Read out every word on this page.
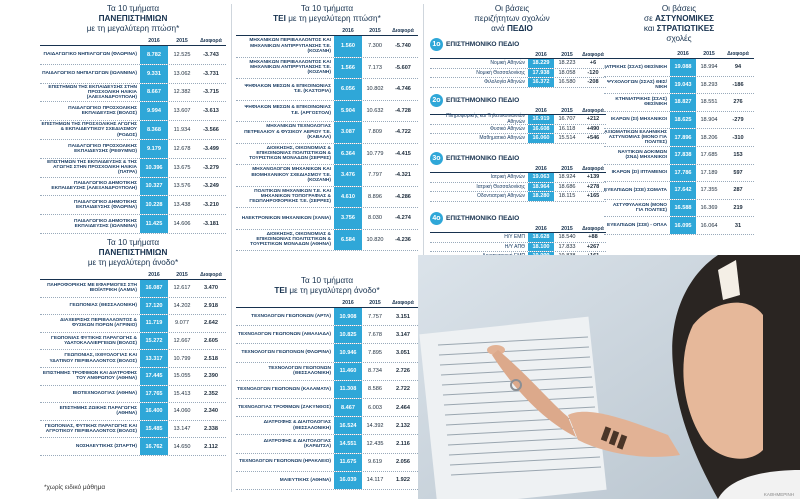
Τα 10 τμήματα
ΠΑΝΕΠΙΣΤΗΜΙΩΝ
με τη μεγαλύτερη πτώση*
2016	2015	Διαφορά
ΠΑΙΔΑΓΩΓΙΚΟ ΝΗΠΙΑΓΩΓΩΝ (ΦΛΩΡΙΝΑ)	8.782	12.525	-3.743
ΠΑΙΔΑΓΩΓΙΚΟ ΝΗΠΙΑΓΩΓΩΝ (ΙΩΑΝΝΙΝΑ)	9.331	13.062	-3.731
ΕΠΙΣΤΗΜΩΝ ΤΗΣ ΕΚΠΑΙΔΕΥΣΗΣ ΣΤΗΝ ΠΡΟΣΧΟΛΙΚΗ ΗΛΙΚΙΑ (ΑΛΕΞΑΝΔΡΟΥΠΟΛΗ)
8.667	12.382	-3.715
ΠΑΙΔΑΓΩΓΙΚΟ ΠΡΟΣΧΟΛΙΚΗΣ ΕΚΠΑΙΔΕΥΣΗΣ (ΒΟΛΟΣ)	9.994	13.607	-3.613
ΕΠΙΣΤΗΜΩΝ ΤΗΣ ΠΡΟΣΧΟΛΙΚΗΣ ΑΓΩΓΗΣ & ΕΚΠΑΙΔΕΥΤΙΚΟΥ ΣΧΕΔΙΑΣΜΟΥ (ΡΟΔΟΣ)
8.368	11.934	-3.566
ΠΑΙΔΑΓΩΓΙΚΟ ΠΡΟΣΧΟΛΙΚΗΣ ΕΚΠΑΙΔΕΥΣΗΣ (ΡΕΘΥΜΝΟ)	9.179	12.678	-3.499
ΕΠΙΣΤΗΜΩΝ ΤΗΣ ΕΚΠΑΙΔΕΥΣΗΣ & ΤΗΣ ΑΓΩΓΗΣ ΣΤΗΝ ΠΡΟΣΧΟΛΙΚΗ ΗΛΙΚΙΑ (ΠΑΤΡΑ)
10.396	13.675	-3.279
ΠΑΙΔΑΓΩΓΙΚΟ ΔΗΜΟΤΙΚΗΣ ΕΚΠΑΙΔΕΥΣΗΣ (ΑΛΕΞΑΝΔΡΟΥΠΟΛΗ)	10.327	13.576	-3.249
ΠΑΙΔΑΓΩΓΙΚΟ ΔΗΜΟΤΙΚΗΣ ΕΚΠΑΙΔΕΥΣΗΣ (ΦΛΩΡΙΝΑ)	10.228	13.438	-3.210
ΠΑΙΔΑΓΩΓΙΚΟ ΔΗΜΟΤΙΚΗΣ ΕΚΠΑΙΔΕΥΣΗΣ (ΙΩΑΝΝΙΝΑ)	11.425	14.606	-3.181
Τα 10 τμήματα
ΠΑΝΕΠΙΣΤΗΜΙΩΝ
με τη μεγαλύτερη άνοδο*
2016	2015	Διαφορά
ΠΛΗΡΟΦΟΡΙΚΗΣ ΜΕ ΕΦΑΡΜΟΓΕΣ ΣΤΗ ΒΙΟΪΑΤΡΙΚΗ (ΛΑΜΙΑ)	16.087	12.617	3.470
ΓΕΩΠΟΝΙΑΣ (ΘΕΣΣΑΛΟΝΙΚΗ)	17.120	14.202	2.918
ΔΙΑΧΕΙΡΙΣΗΣ ΠΕΡΙΒΑΛΛΟΝΤΟΣ & ΦΥΣΙΚΩΝ ΠΟΡΩΝ (ΑΓΡΙΝΙΟ)	11.719	9.077	2.642
ΓΕΩΠΟΝΙΑΣ ΦΥΤΙΚΗΣ ΠΑΡΑΓΩΓΗΣ & ΥΔΑΤΟΚΑΛΛΙΕΡΓΕΙΩΝ (ΒΟΛΟΣ)	15.272	12.667	2.605
ΓΕΩΠΟΝΙΑΣ, ΙΧΘΥΟΛΟΓΙΑΣ ΚΑΙ ΥΔΑΤΙΝΟΥ ΠΕΡΙΒΑΛΛΟΝΤΟΣ (ΒΟΛΟΣ)	13.317	10.799	2.518
ΕΠΙΣΤΗΜΗΣ ΤΡΟΦΙΜΩΝ ΚΑΙ ΔΙΑΤΡΟΦΗΣ ΤΟΥ ΑΝΘΡΩΠΟΥ (ΑΘΗΝΑ)	17.445	15.055	2.390
ΒΙΟΤΕΧΝΟΛΟΓΙΑΣ (ΑΘΗΝΑ)	17.765	15.413	2.352
ΕΠΙΣΤΗΜΗΣ ΖΩΙΚΗΣ ΠΑΡΑΓΩΓΗΣ (ΑΘΗΝΑ)	16.400	14.060	2.340
ΓΕΩΠΟΝΙΑΣ, ΦΥΤΙΚΗΣ ΠΑΡΑΓΩΓΗΣ ΚΑΙ ΑΓΡΟΤΙΚΟΥ ΠΕΡΙΒΑΛΛΟΝΤΟΣ (ΒΟΛΟΣ)	15.485	13.147	2.338
ΝΟΣΗΛΕΥΤΙΚΗΣ (ΣΠΑΡΤΗ)	16.762	14.650	2.112
*χωρίς ειδικό μάθημα
Τα 10 τμήματα
ΤΕΙ με τη μεγαλύτερη πτώση*
2016	2015	Διαφορά
ΜΗΧΑΝΙΚΩΝ ΠΕΡΙΒΑΛΛΟΝΤΟΣ ΚΑΙ ΜΗΧΑΝΙΚΩΝ ΑΝΤΙΡΡΥΠΑΝΣΗΣ Τ.Ε. (ΚΟΖΑΝΗ)
1.560	7.300	-5.740
ΜΗΧΑΝΙΚΩΝ ΠΕΡΙΒΑΛΛΟΝΤΟΣ ΚΑΙ ΜΗΧΑΝΙΚΩΝ ΑΝΤΙΡΡΥΠΑΝΣΗΣ Τ.Ε. (ΚΟΖΑΝΗ)
1.566	7.173	-5.607
ΨΗΦΙΑΚΩΝ ΜΕΣΩΝ & ΕΠΙΚΟΙΝΩΝΙΑΣ Τ.Ε. (ΚΑΣΤΟΡΙΑ)	6.056	10.802	-4.746
ΨΗΦΙΑΚΩΝ ΜΕΣΩΝ & ΕΠΙΚΟΙΝΩΝΙΑΣ Τ.Ε. (ΑΡΓΟΣΤΟΛΙ)	5.904	10.632	-4.728
ΜΗΧΑΝΙΚΩΝ ΤΕΧΝΟΛΟΓΙΑΣ ΠΕΤΡΕΛΑΙΟΥ & ΦΥΣΙΚΟΥ ΑΕΡΙΟΥ Τ.Ε. (ΚΑΒΑΛΑ)
3.087	7.809	-4.722
ΔΙΟΙΚΗΣΗΣ, ΟΙΚΟΝΟΜΙΑΣ & ΕΠΙΚΟΙΝΩΝΙΑΣ ΠΟΛΙΤΙΣΤΙΚΩΝ & ΤΟΥΡΙΣΤΙΚΩΝ ΜΟΝΑΔΩΝ (ΣΕΡΡΕΣ)
6.364	10.779	-4.415
ΜΗΧΑΝΟΛΟΓΩΝ ΜΗΧΑΝΙΚΩΝ ΚΑΙ ΒΙΟΜΗΧΑΝΙΚΟΥ ΣΧΕΔΙΑΣΜΟΥ Τ.Ε. (ΚΟΖΑΝΗ)
3.476	7.797	-4.321
ΠΟΛΙΤΙΚΩΝ ΜΗΧΑΝΙΚΩΝ Τ.Ε. ΚΑΙ ΜΗΧΑΝΙΚΩΝ ΤΟΠΟΓΡΑΦΙΑΣ & ΓΕΩΠΛΗΡΟΦΟΡΙΚΗΣ Τ.Ε. (ΣΕΡΡΕΣ)
4.610	8.896	-4.286
ΗΛΕΚΤΡΟΝΙΚΩΝ ΜΗΧΑΝΙΚΩΝ (ΧΑΝΙΑ)	3.756	8.030	-4.274
ΔΙΟΙΚΗΣΗΣ, ΟΙΚΟΝΟΜΙΑΣ & ΕΠΙΚΟΙΝΩΝΙΑΣ ΠΟΛΙΤΙΣΤΙΚΩΝ & ΤΟΥΡΙΣΤΙΚΩΝ ΜΟΝΑΔΩΝ (ΑΘΗΝΑ)
6.584	10.820	-4.236
Τα 10 τμήματα
ΤΕΙ με τη μεγαλύτερη άνοδο*
2016	2015	Διαφορά
ΤΕΧΝΟΛΟΓΩΝ ΓΕΩΠΟΝΩΝ (ΑΡΤΑ)	10.908	7.757	3.151
ΤΕΧΝΟΛΟΓΩΝ ΓΕΩΠΟΝΩΝ (ΑΜΑΛΙΑΔΑ)	10.825	7.678	3.147
ΤΕΧΝΟΛΟΓΩΝ ΓΕΩΠΟΝΩΝ (ΦΛΩΡΙΝΑ)	10.946	7.895	3.051
ΤΕΧΝΟΛΟΓΩΝ ΓΕΩΠΟΝΩΝ (ΘΕΣΣΑΛΟΝΙΚΗ)	11.460	8.734	2.726
ΤΕΧΝΟΛΟΓΩΝ ΓΕΩΠΟΝΩΝ (ΚΑΛΑΜΑΤΑ)	11.308	8.586	2.722
ΤΕΧΝΟΛΟΓΙΑΣ ΤΡΟΦΙΜΩΝ (ΖΑΚΥΝΘΟΣ)	8.467	6.003	2.464
ΔΙΑΤΡΟΦΗΣ & ΔΙΑΙΤΟΛΟΓΙΑΣ (ΘΕΣΣΑΛΟΝΙΚΗ)	16.524	14.392	2.132
ΔΙΑΤΡΟΦΗΣ & ΔΙΑΙΤΟΛΟΓΙΑΣ (ΚΑΡΔΙΤΣΑ)	14.551	12.435	2.116
ΤΕΧΝΟΛΟΓΩΝ ΓΕΩΠΟΝΩΝ (ΗΡΑΚΛΕΙΟ)	11.675	9.619	2.056
ΜΑΙΕΥΤΙΚΗΣ (ΑΘΗΝΑ)	16.039	14.117	1.922
Οι βάσεις
περιζήτητων σχολών
ανά ΠΕΔΙΟ
1ο ΕΠΙΣΤΗΜΟΝΙΚΟ ΠΕΔΙΟ
2016	2015	Διαφορά
Νομική Αθηνών	18.229	18.223	+6
Νομική Θεσσαλονίκης	17.938	18.058	-120
Φιλολογία Αθηνών	16.372	16.580	-208
2ο ΕΠΙΣΤΗΜΟΝΙΚΟ ΠΕΔΙΟ
2016	2015	Διαφορά
Πληροφορικής και Τηλεπικοινωνιών Αθηνών	16.919	16.707	+212
Φυσικό Αθηνών	16.608	16.118	+490
Μαθηματικό Αθηνών	16.060	15.514	+546
3ο ΕΠΙΣΤΗΜΟΝΙΚΟ ΠΕΔΙΟ
2016	2015	Διαφορά
Ιατρική Αθηνών	19.063	18.924	+139
Ιατρική Θεσσαλονίκης	18.964	18.686	+278
Οδοντιατρική Αθηνών	18.280	18.115	+165
4ο ΕΠΙΣΤΗΜΟΝΙΚΟ ΠΕΔΙΟ
2016	2015	Διαφορά
Η/Υ ΕΜΠ	18.628	18.540	+88
Η/Υ ΑΠΘ	18.100	17.833	+267
Οι βάσεις
σε ΑΣΤΥΝΟΜΙΚΕΣ
και ΣΤΡΑΤΙΩΤΙΚΕΣ
σχολές
2016	2015	Διαφορά
ΙΑΤΡΙΚΗΣ (ΣΣΑΣ) ΘΕΣ/ΝΙΚΗ	19.088	18.994	94
ΨΥΧΟΛΟΓΩΝ (ΣΣΑΣ) ΘΕΣ/ΝΙΚΗ	19.043	18.293	-186
ΚΤΗΝΙΑΤΡΙΚΗΣ (ΣΣΑΣ) ΘΕΣ/ΝΙΚΗ	18.827	18.551	276
ΙΚΑΡΩΝ (ΣΙ) ΜΗΧΑΝΙΚΟΙ	18.625	18.904	-279
ΑΞΙΩΜΑΤΙΚΩΝ ΕΛΛΗΝΙΚΗΣ ΑΣΤΥΝΟΜΙΑΣ (ΜΟΝΟ ΓΙΑ ΠΟΛΙΤΕΣ)
17.896	18.206	-310
ΝΑΥΤΙΚΩΝ ΔΟΚΙΜΩΝ (ΣΝΔ) ΜΗΧΑΝΙΚΟΙ	17.838	17.685	153
ΙΚΑΡΩΝ (ΣΙ) ΙΠΤΑΜΕΝΟΙ	17.786	17.189	597
ΕΥΕΛΠΙΔΩΝ (ΣΣΕ) ΣΩΜΑΤΑ	17.642	17.355	287
ΑΣΤΥΦΥΛΑΚΩΝ (ΜΟΝΟ ΓΙΑ ΠΟΛΙΤΕΣ)	16.588	16.369	219
ΕΥΕΛΠΙΔΩΝ (ΣΣΕ) - ΟΠΛΑ	16.095	16.064	31
ΚΑΘΗΜΕΡΙΝΗ
